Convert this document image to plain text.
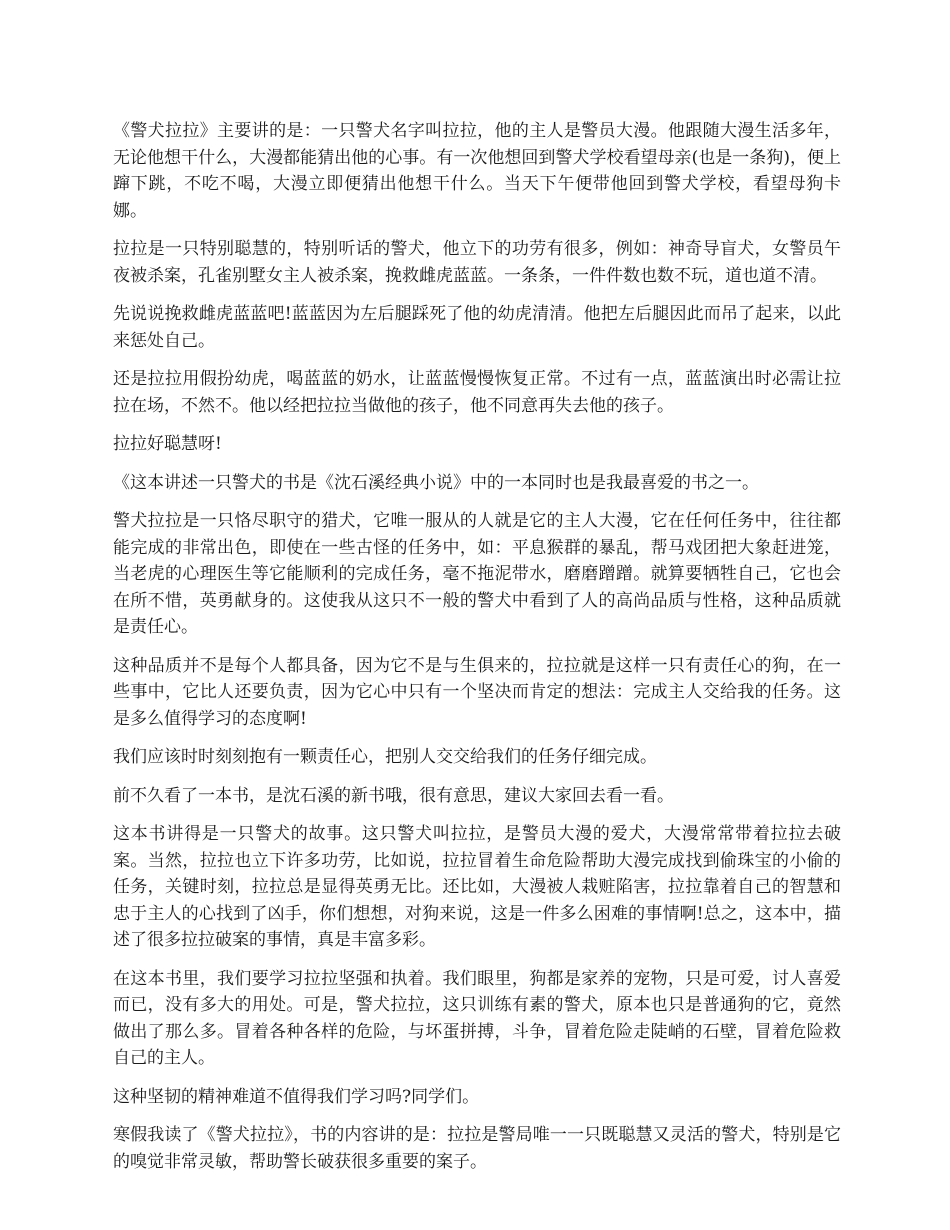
《警犬拉拉》主要讲的是：一只警犬名字叫拉拉，他的主人是警员大漫。他跟随大漫生活多年，无论他想干什么，大漫都能猜出他的心事。有一次他想回到警犬学校看望母亲(也是一条狗)，便上蹿下跳，不吃不喝，大漫立即便猜出他想干什么。当天下午便带他回到警犬学校，看望母狗卡娜。

拉拉是一只特别聪慧的，特别听话的警犬，他立下的功劳有很多，例如：神奇导盲犬，女警员午夜被杀案，孔雀别墅女主人被杀案，挽救雌虎蓝蓝。一条条，一件件数也数不玩，道也道不清。

先说说挽救雌虎蓝蓝吧!蓝蓝因为左后腿踩死了他的幼虎清清。他把左后腿因此而吊了起来，以此来惩处自己。

还是拉拉用假扮幼虎，喝蓝蓝的奶水，让蓝蓝慢慢恢复正常。不过有一点，蓝蓝演出时必需让拉拉在场，不然不。他以经把拉拉当做他的孩子，他不同意再失去他的孩子。

拉拉好聪慧呀!

《这本讲述一只警犬的书是《沈石溪经典小说》中的一本同时也是我最喜爱的书之一。

警犬拉拉是一只恪尽职守的猎犬，它唯一服从的人就是它的主人大漫，它在任何任务中，往往都能完成的非常出色，即使在一些古怪的任务中，如：平息猴群的暴乱，帮马戏团把大象赶进笼，当老虎的心理医生等它能顺利的完成任务，毫不拖泥带水，磨磨蹭蹭。就算要牺牲自己，它也会在所不惜，英勇献身的。这使我从这只不一般的警犬中看到了人的高尚品质与性格，这种品质就是责任心。

这种品质并不是每个人都具备，因为它不是与生俱来的，拉拉就是这样一只有责任心的狗，在一些事中，它比人还要负责，因为它心中只有一个坚决而肯定的想法：完成主人交给我的任务。这是多么值得学习的态度啊!

我们应该时时刻刻抱有一颗责任心，把别人交交给我们的任务仔细完成。

前不久看了一本书，是沈石溪的新书哦，很有意思，建议大家回去看一看。

这本书讲得是一只警犬的故事。这只警犬叫拉拉，是警员大漫的爱犬，大漫常常带着拉拉去破案。当然，拉拉也立下许多功劳，比如说，拉拉冒着生命危险帮助大漫完成找到偷珠宝的小偷的任务，关键时刻，拉拉总是显得英勇无比。还比如，大漫被人栽赃陷害，拉拉靠着自己的智慧和忠于主人的心找到了凶手，你们想想，对狗来说，这是一件多么困难的事情啊!总之，这本中，描述了很多拉拉破案的事情，真是丰富多彩。

在这本书里，我们要学习拉拉坚强和执着。我们眼里，狗都是家养的宠物，只是可爱，讨人喜爱而已，没有多大的用处。可是，警犬拉拉，这只训练有素的警犬，原本也只是普通狗的它，竟然做出了那么多。冒着各种各样的危险，与坏蛋拼搏，斗争，冒着危险走陡峭的石壁，冒着危险救自己的主人。

这种坚韧的精神难道不值得我们学习吗?同学们。

寒假我读了《警犬拉拉》，书的内容讲的是：拉拉是警局唯一一只既聪慧又灵活的警犬，特别是它的嗅觉非常灵敏，帮助警长破获很多重要的案子。
